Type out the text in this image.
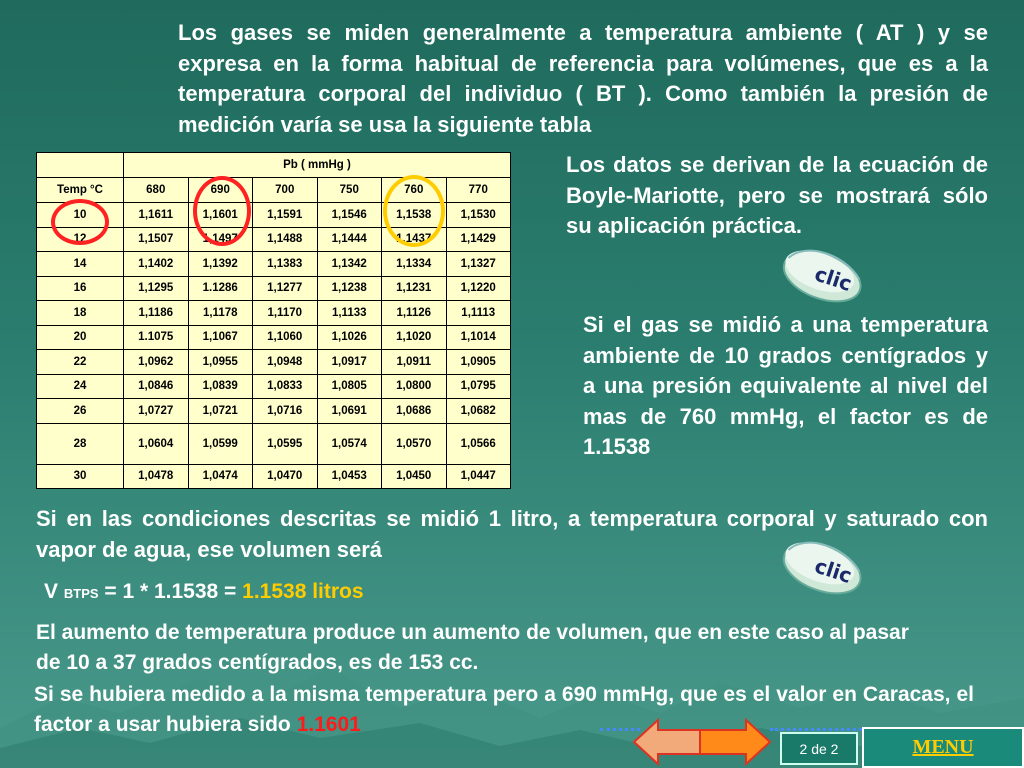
Los gases se miden generalmente a temperatura ambiente ( AT ) y se expresa en la forma habitual de referencia para volúmenes, que es a la temperatura corporal del individuo ( BT ). Como también la presión de medición varía se usa la siguiente tabla

	Pb ( mmHg )					
Temp °C	680	690	700	750	760	770
10	1,1611	1,1601	1,1591	1,1546	1,1538	1,1530
12	1,1507	1,1497	1,1488	1,1444	1,1437	1,1429
14	1,1402	1,1392	1,1383	1,1342	1,1334	1,1327
16	1,1295	1.1286	1,1277	1,1238	1,1231	1,1220
18	1,1186	1,1178	1,1170	1,1133	1,1126	1,1113
20	1.1075	1,1067	1,1060	1,1026	1,1020	1,1014
22	1,0962	1,0955	1,0948	1,0917	1,0911	1,0905
24	1,0846	1,0839	1,0833	1,0805	1,0800	1,0795
26	1,0727	1,0721	1,0716	1,0691	1,0686	1,0682
28	1,0604	1,0599	1,0595	1,0574	1,0570	1,0566
30	1,0478	1,0474	1,0470	1,0453	1,0450	1,0447

Los datos se derivan de la ecuación de Boyle-Mariotte, pero se mostrará sólo su aplicación práctica.

clic

Si el gas se midió a una temperatura ambiente de 10 grados centígrados y a una presión equivalente al nivel del mas de 760 mmHg, el factor es de 1.1538

Si en las condiciones descritas se midió 1 litro, a temperatura corporal y saturado con vapor de agua, ese volumen será

clic
V BTPS = 1 * 1.1538 = 1.1538 litros

El aumento de temperatura produce un aumento de volumen, que en este caso al pasar de 10 a 37 grados centígrados, es de 153 cc.

Si se hubiera medido a la misma temperatura pero a 690 mmHg, que es el valor en Caracas, el factor a usar hubiera sido 1.1601

2 de 2	MENU
